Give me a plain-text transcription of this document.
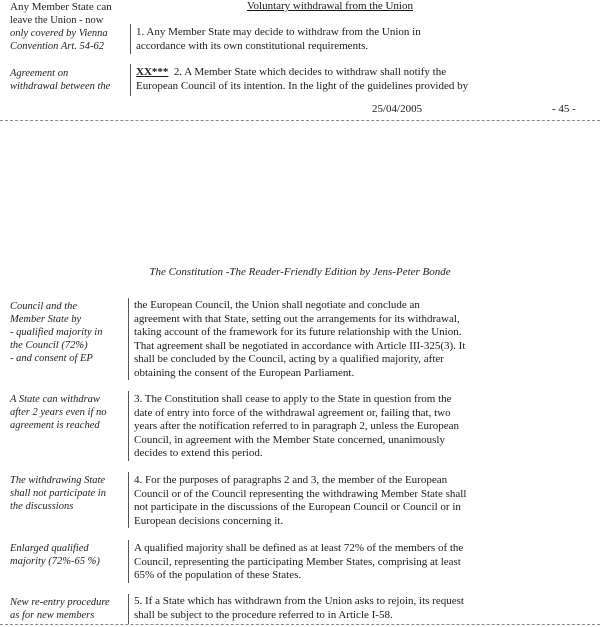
Voluntary withdrawal from the Union
Any Member State can
leave the Union - now
only covered by Vienna
Convention Art. 54-62
1. Any Member State may decide to withdraw from the Union in
accordance with its own constitutional requirements.
Agreement on
withdrawal between the
XX*** 2. A Member State which decides to withdraw shall notify the
European Council of its intention. In the light of the guidelines provided by
25/04/2005	- 45 -
The Constitution -The Reader-Friendly Edition by Jens-Peter Bonde
Council and the
Member State by
- qualified majority in
the Council (72%)
- and consent of EP
the European Council, the Union shall negotiate and conclude an
agreement with that State, setting out the arrangements for its withdrawal,
taking account of the framework for its future relationship with the Union.
That agreement shall be negotiated in accordance with Article III-325(3). It
shall be concluded by the Council, acting by a qualified majority, after
obtaining the consent of the European Parliament.
A State can withdraw
after 2 years even if no
agreement is reached
3. The Constitution shall cease to apply to the State in question from the
date of entry into force of the withdrawal agreement or, failing that, two
years after the notification referred to in paragraph 2, unless the European
Council, in agreement with the Member State concerned, unanimously
decides to extend this period.
The withdrawing State
shall not participate in
the discussions
4. For the purposes of paragraphs 2 and 3, the member of the European
Council or of the Council representing the withdrawing Member State shall
not participate in the discussions of the European Council or Council or in
European decisions concerning it.
Enlarged qualified
majority (72%-65 %)
A qualified majority shall be defined as at least 72% of the members of the
Council, representing the participating Member States, comprising at least
65% of the population of these States.
New re-entry procedure
as for new members
5. If a State which has withdrawn from the Union asks to rejoin, its request
shall be subject to the procedure referred to in Article I-58.
